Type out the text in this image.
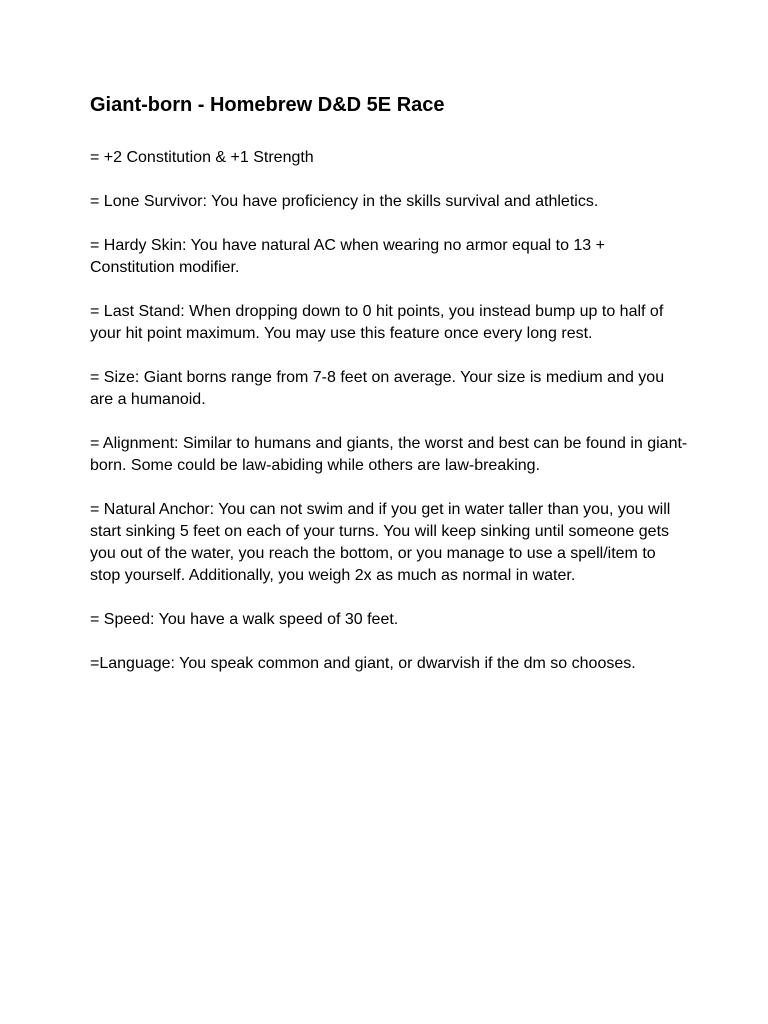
Giant-born - Homebrew D&D 5E Race

= +2 Constitution & +1 Strength

= Lone Survivor: You have proficiency in the skills survival and athletics.

= Hardy Skin: You have natural AC when wearing no armor equal to 13 + Constitution modifier.

= Last Stand: When dropping down to 0 hit points, you instead bump up to half of your hit point maximum. You may use this feature once every long rest.

= Size: Giant borns range from 7-8 feet on average. Your size is medium and you are a humanoid.

= Alignment: Similar to humans and giants, the worst and best can be found in giant-born. Some could be law-abiding while others are law-breaking.

= Natural Anchor: You can not swim and if you get in water taller than you, you will start sinking 5 feet on each of your turns. You will keep sinking until someone gets you out of the water, you reach the bottom, or you manage to use a spell/item to stop yourself. Additionally, you weigh 2x as much as normal in water.

= Speed: You have a walk speed of 30 feet.

=Language: You speak common and giant, or dwarvish if the dm so chooses.
